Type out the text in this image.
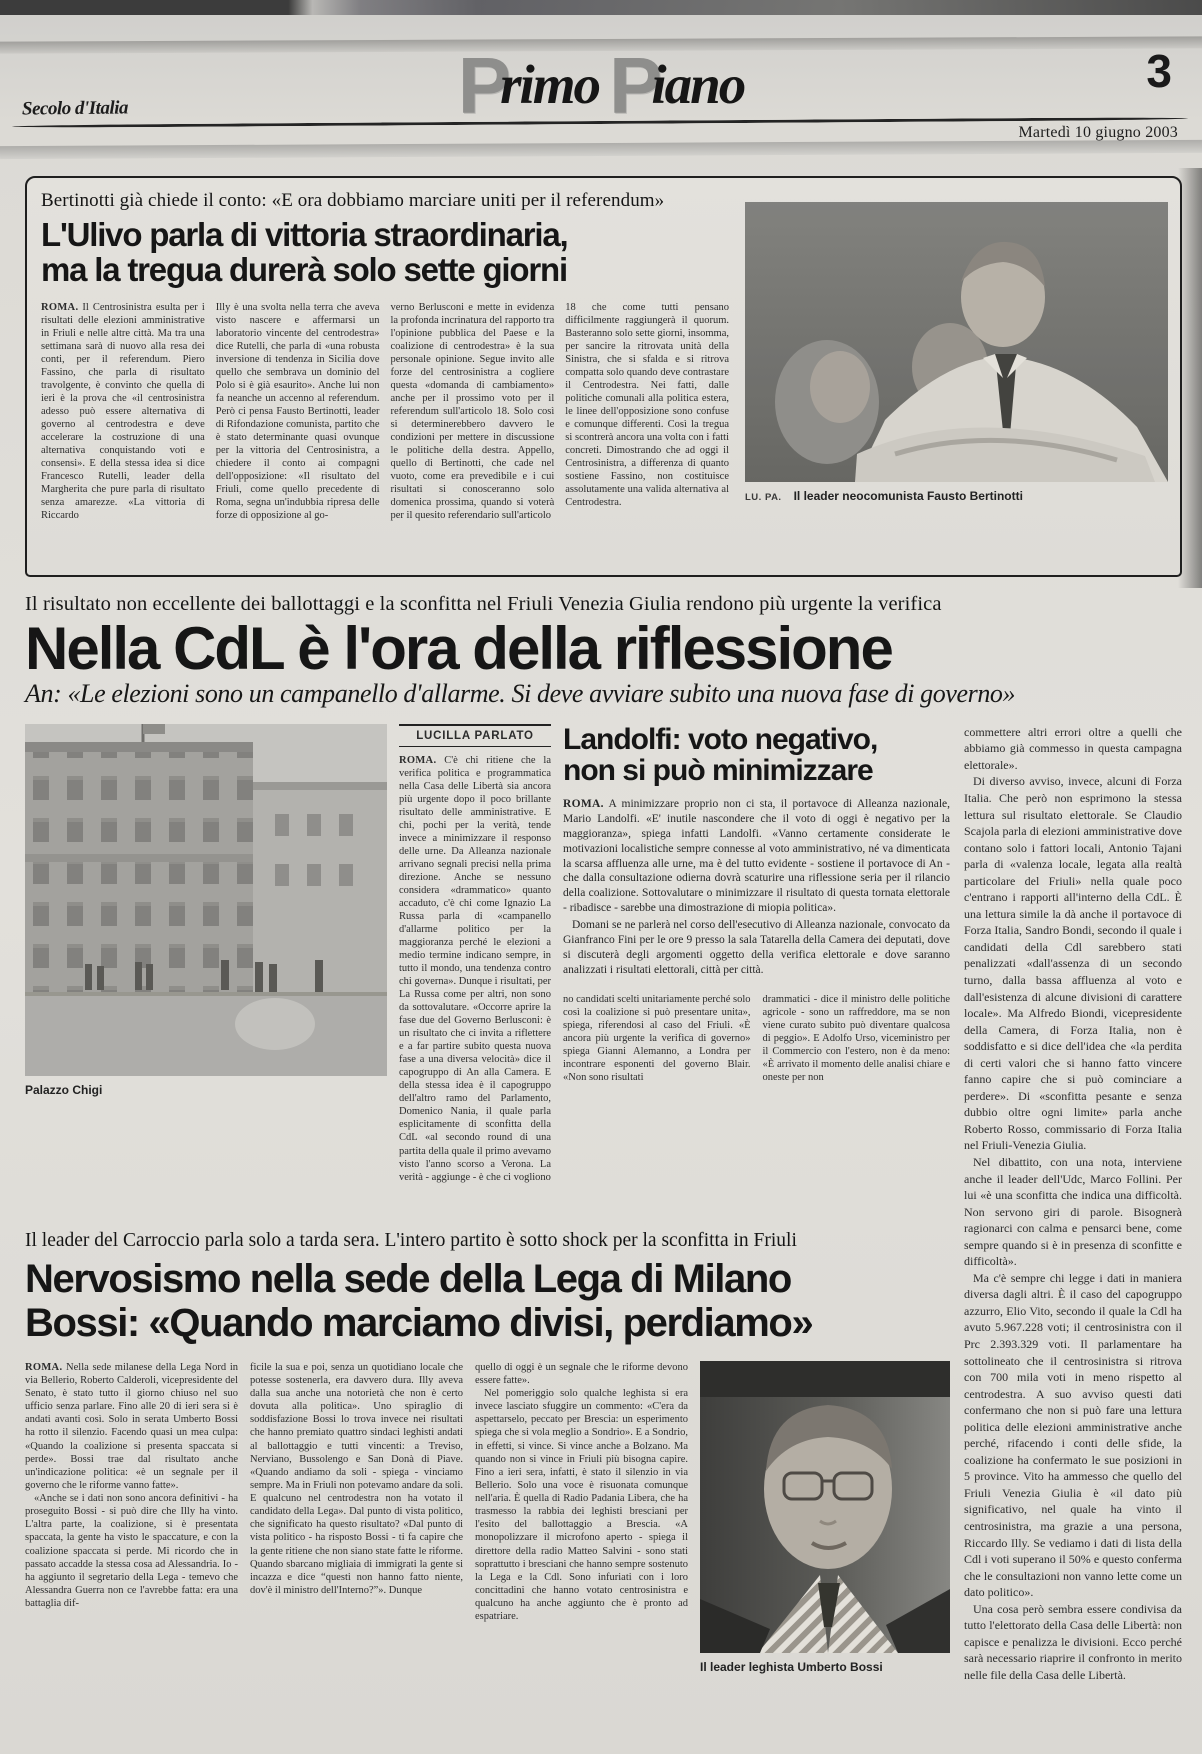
Primo Piano	3
Secolo d'Italia
Martedì 10 giugno 2003

Bertinotti già chiede il conto: «E ora dobbiamo marciare uniti per il referendum»

L'Ulivo parla di vittoria straordinaria,
ma la tregua durerà solo sette giorni

ROMA. Il Centrosinistra esulta per i risultati delle elezioni amministrative in Friuli e nelle altre città. Ma tra una settimana sarà di nuovo alla resa dei conti, per il referendum. Piero Fassino, che parla di risultato travolgente, è convinto che quella di ieri è la prova che «il centrosinistra adesso può essere alternativa di governo al centrodestra e deve accelerare la costruzione di una alternativa conquistando voti e consensi». E della stessa idea si dice Francesco Rutelli, leader della Margherita che pure parla di risultato senza amarezze. «La vittoria di Riccardo

Illy è una svolta nella terra che aveva visto nascere e affermarsi un laboratorio vincente del centrodestra» dice Rutelli, che parla di «una robusta inversione di tendenza in Sicilia dove quello che sembrava un dominio del Polo si è già esaurito». Anche lui non fa neanche un accenno al referendum. Però ci pensa Fausto Bertinotti, leader di Rifondazione comunista, partito che è stato determinante quasi ovunque per la vittoria del Centrosinistra, a chiedere il conto ai compagni dell'opposizione: «Il risultato del Friuli, come quello precedente di Roma, segna un'indubbia ripresa delle forze di opposizione al go-

verno Berlusconi e mette in evidenza la profonda incrinatura del rapporto tra l'opinione pubblica del Paese e la coalizione di centrodestra» è la sua personale opinione. Segue invito alle forze del centrosinistra a cogliere questa «domanda di cambiamento» anche per il prossimo voto per il referendum sull'articolo 18. Solo così si determinerebbero davvero le condizioni per mettere in discussione le politiche della destra. Appello, quello di Bertinotti, che cade nel vuoto, come era prevedibile e i cui risultati si conosceranno solo domenica prossima, quando si voterà per il quesito referendario sull'articolo

18 che come tutti pensano difficilmente raggiungerà il quorum. Basteranno solo sette giorni, insomma, per sancire la ritrovata unità della Sinistra, che si sfalda e si ritrova compatta solo quando deve contrastare il Centrodestra. Nei fatti, dalle politiche comunali alla politica estera, le linee dell'opposizione sono confuse e comunque differenti. Così la tregua si scontrerà ancora una volta con i fatti concreti. Dimostrando che ad oggi il Centrosinistra, a differenza di quanto sostiene Fassino, non costituisce assolutamente una valida alternativa al Centrodestra.	LU. PA. Il leader neocomunista Fausto Bertinotti

Il risultato non eccellente dei ballottaggi e la sconfitta nel Friuli Venezia Giulia rendono più urgente la verifica

Nella CdL è l'ora della riflessione

An: «Le elezioni sono un campanello d'allarme. Si deve avviare subito una nuova fase di governo»

Palazzo Chigi
LUCILLA PARLATO

ROMA. C'è chi ritiene che la verifica politica e programmatica nella Casa delle Libertà sia ancora più urgente dopo il poco brillante risultato delle amministrative. E chi, pochi per la verità, tende invece a minimizzare il responso delle urne. Da Alleanza nazionale arrivano segnali precisi nella prima direzione. Anche se nessuno considera «drammatico» quanto accaduto, c'è chi come Ignazio La Russa parla di «campanello d'allarme politico per la maggioranza perché le elezioni a medio termine indicano sempre, in tutto il mondo, una tendenza contro chi governa». Dunque i risultati, per La Russa come per altri, non sono da sottovalutare. «Occorre aprire la fase due del Governo Berlusconi: è un risultato che ci invita a riflettere e a far partire subito questa nuova fase a una diversa velocità» dice il capogruppo di An alla Camera. E della stessa idea è il capogruppo dell'altro ramo del Parlamento, Domenico Nania, il quale parla esplicitamente di sconfitta della CdL «al secondo round di una partita della quale il primo avevamo visto l'anno scorso a Verona. La verità - aggiunge - è che ci vogliono

Landolfi: voto negativo,
non si può minimizzare

ROMA. A minimizzare proprio non ci sta, il portavoce di Alleanza nazionale, Mario Landolfi. «E' inutile nascondere che il voto di oggi è negativo per la maggioranza», spiega infatti Landolfi. «Vanno certamente considerate le motivazioni localistiche sempre connesse al voto amministrativo, né va dimenticata la scarsa affluenza alle urne, ma è del tutto evidente - sostiene il portavoce di An - che dalla consultazione odierna dovrà scaturire una riflessione seria per il rilancio della coalizione. Sottovalutare o minimizzare il risultato di questa tornata elettorale - ribadisce - sarebbe una dimostrazione di miopia politica».

Domani se ne parlerà nel corso dell'esecutivo di Alleanza nazionale, convocato da Gianfranco Fini per le ore 9 presso la sala Tatarella della Camera dei deputati, dove si discuterà degli argomenti oggetto della verifica elettorale e dove saranno analizzati i risultati elettorali, città per città.

no candidati scelti unitariamente perché solo così la coalizione si può presentare unita», spiega, riferendosi al caso del Friuli. «È ancora più urgente la verifica di governo» spiega Gianni Alemanno, a Londra per incontrare esponenti del governo Blair. «Non sono risultati

drammatici - dice il ministro delle politiche agricole - sono un raffreddore, ma se non viene curato subito può diventare qualcosa di peggio». E Adolfo Urso, viceministro per il Commercio con l'estero, non è da meno: «È arrivato il momento delle analisi chiare e oneste per non

Il leader del Carroccio parla solo a tarda sera. L'intero partito è sotto shock per la sconfitta in Friuli

Nervosismo nella sede della Lega di Milano
Bossi: «Quando marciamo divisi, perdiamo»

ROMA. Nella sede milanese della Lega Nord in via Bellerio, Roberto Calderoli, vicepresidente del Senato, è stato tutto il giorno chiuso nel suo ufficio senza parlare. Fino alle 20 di ieri sera si è andati avanti così. Solo in serata Umberto Bossi ha rotto il silenzio. Facendo quasi un mea culpa: «Quando la coalizione si presenta spaccata si perde». Bossi trae dal risultato anche un'indicazione politica: «è un segnale per il governo che le riforme vanno fatte».

«Anche se i dati non sono ancora definitivi - ha proseguito Bossi - si può dire che Illy ha vinto. L'altra parte, la coalizione, si è presentata spaccata, la gente ha visto le spaccature, e con la coalizione spaccata si perde. Mi ricordo che in passato accadde la stessa cosa ad Alessandria. Io - ha aggiunto il segretario della Lega - temevo che Alessandra Guerra non ce l'avrebbe fatta: era una battaglia dif-

ficile la sua e poi, senza un quotidiano locale che potesse sostenerla, era davvero dura. Illy aveva dalla sua anche una notorietà che non è certo dovuta alla politica». Uno spiraglio di soddisfazione Bossi lo trova invece nei risultati che hanno premiato quattro sindaci leghisti andati al ballottaggio e tutti vincenti: a Treviso, Nerviano, Bussolengo e San Donà di Piave. «Quando andiamo da soli - spiega - vinciamo sempre. Ma in Friuli non potevamo andare da soli. E qualcuno nel centrodestra non ha votato il candidato della Lega». Dal punto di vista politico, che significato ha questo risultato? «Dal punto di vista politico - ha risposto Bossi - ti fa capire che la gente ritiene che non siano state fatte le riforme. Quando sbarcano migliaia di immigrati la gente si incazza e dice “questi non hanno fatto niente, dov'è il ministro dell'Interno?”». Dunque

quello di oggi è un segnale che le riforme devono essere fatte».

Nel pomeriggio solo qualche leghista si era invece lasciato sfuggire un commento: «C'era da aspettarselo, peccato per Brescia: un esperimento spiega che si vola meglio a Sondrio». E a Sondrio, in effetti, si vince. Si vince anche a Bolzano. Ma quando non si vince in Friuli più bisogna capire. Fino a ieri sera, infatti, è stato il silenzio in via Bellerio. Solo una voce è risuonata comunque nell'aria. È quella di Radio Padania Libera, che ha trasmesso la rabbia dei leghisti bresciani per l'esito del ballottaggio a Brescia. «A monopolizzare il microfono aperto - spiega il direttore della radio Matteo Salvini - sono stati soprattutto i bresciani che hanno sempre sostenuto la Lega e la Cdl. Sono infuriati con i loro concittadini che hanno votato centrosinistra e qualcuno ha anche aggiunto che è pronto ad espatriare.

Il leader leghista Umberto Bossi

commettere altri errori oltre a quelli che abbiamo già commesso in questa campagna elettorale».

Di diverso avviso, invece, alcuni di Forza Italia. Che però non esprimono la stessa lettura sul risultato elettorale. Se Claudio Scajola parla di elezioni amministrative dove contano solo i fattori locali, Antonio Tajani parla di «valenza locale, legata alla realtà particolare del Friuli» nella quale poco c'entrano i rapporti all'interno della CdL. È una lettura simile la dà anche il portavoce di Forza Italia, Sandro Bondi, secondo il quale i candidati della Cdl sarebbero stati penalizzati «dall'assenza di un secondo turno, dalla bassa affluenza al voto e dall'esistenza di alcune divisioni di carattere locale». Ma Alfredo Biondi, vicepresidente della Camera, di Forza Italia, non è soddisfatto e si dice dell'idea che «la perdita di certi valori che si hanno fatto vincere fanno capire che si può cominciare a perdere». Di «sconfitta pesante e senza dubbio oltre ogni limite» parla anche Roberto Rosso, commissario di Forza Italia nel Friuli-Venezia Giulia.

Nel dibattito, con una nota, interviene anche il leader dell'Udc, Marco Follini. Per lui «è una sconfitta che indica una difficoltà. Non servono giri di parole. Bisognerà ragionarci con calma e pensarci bene, come sempre quando si è in presenza di sconfitte e difficoltà».

Ma c'è sempre chi legge i dati in maniera diversa dagli altri. È il caso del capogruppo azzurro, Elio Vito, secondo il quale la Cdl ha avuto 5.967.228 voti; il centrosinistra con il Prc 2.393.329 voti. Il parlamentare ha sottolineato che il centrosinistra si ritrova con 700 mila voti in meno rispetto al centrodestra. A suo avviso questi dati confermano che non si può fare una lettura politica delle elezioni amministrative anche perché, rifacendo i conti delle sfide, la coalizione ha confermato le sue posizioni in 5 province. Vito ha ammesso che quello del Friuli Venezia Giulia è «il dato più significativo, nel quale ha vinto il centrosinistra, ma grazie a una persona, Riccardo Illy. Se vediamo i dati di lista della Cdl i voti superano il 50% e questo conferma che le consultazioni non vanno lette come un dato politico».

Una cosa però sembra essere condivisa da tutto l'elettorato della Casa delle Libertà: non capisce e penalizza le divisioni. Ecco perché sarà necessario riaprire il confronto in merito nelle file della Casa delle Libertà.
